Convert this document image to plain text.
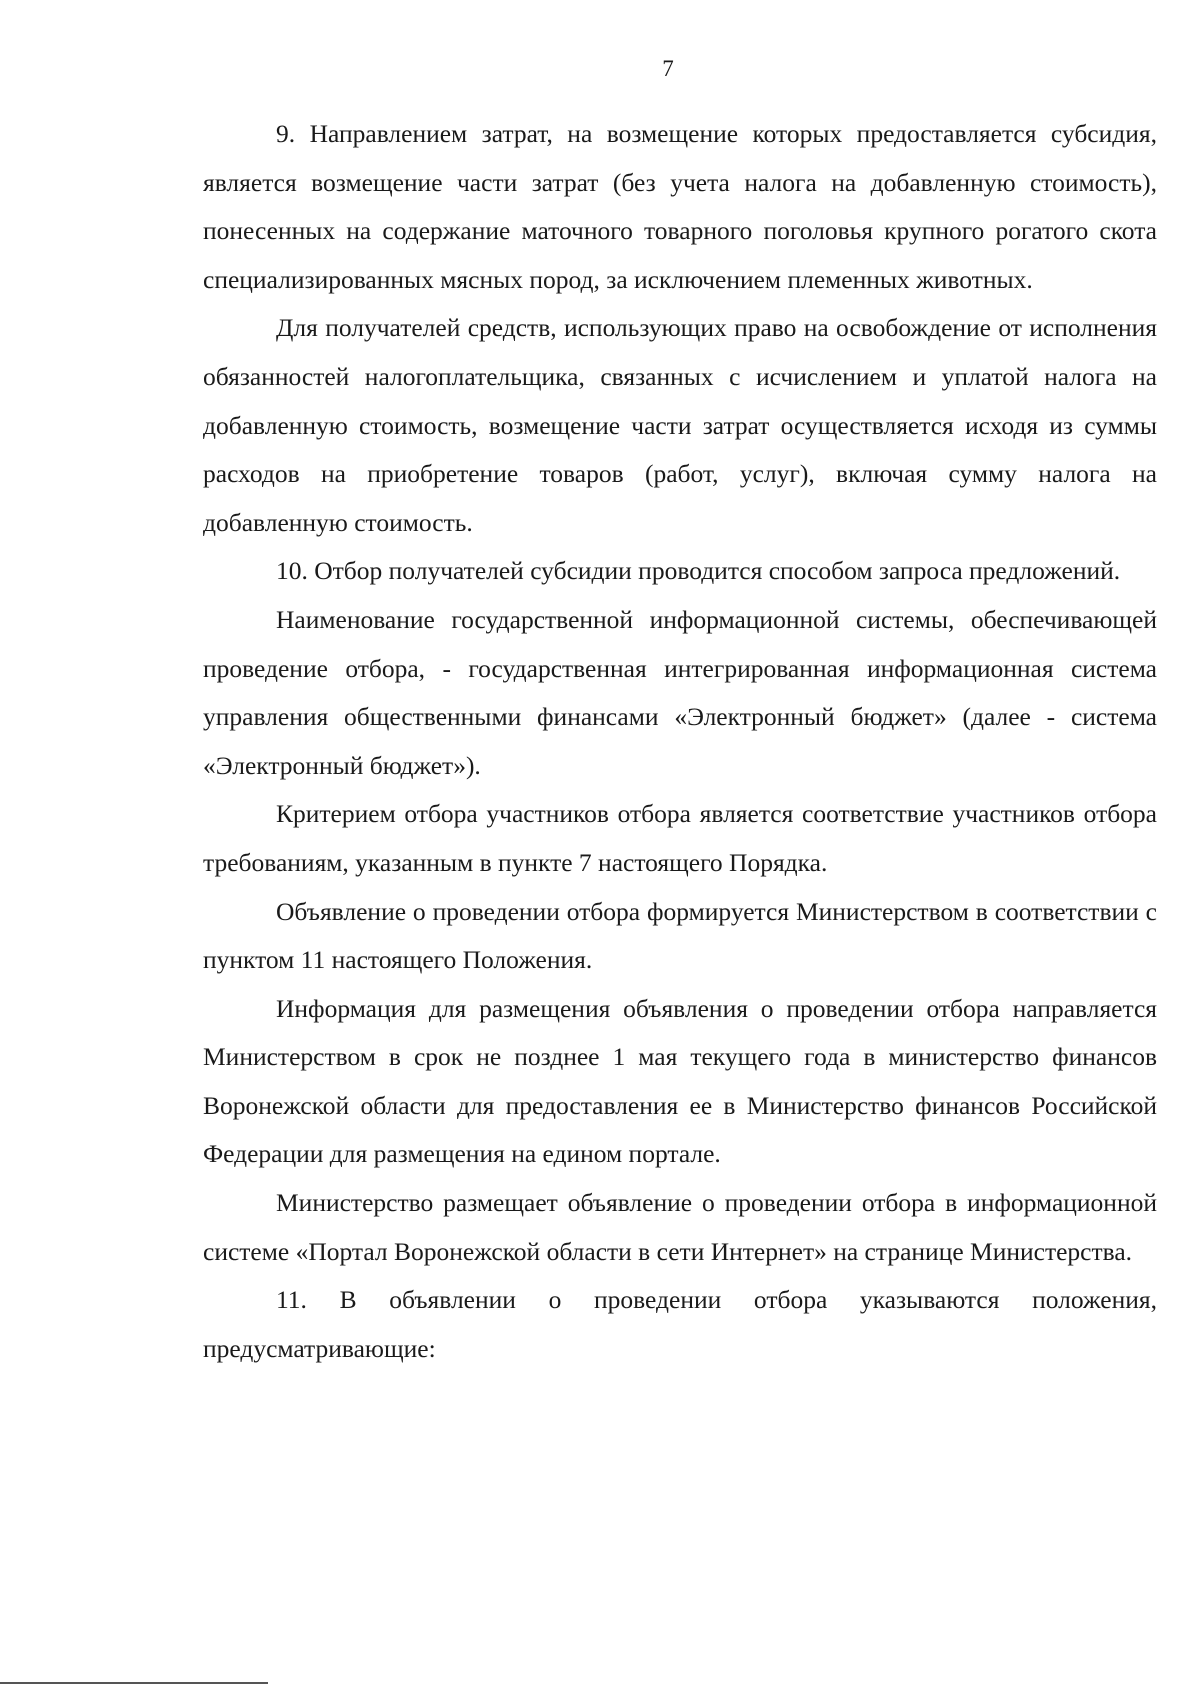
7

9. Направлением затрат, на возмещение которых предоставляется субсидия, является возмещение части затрат (без учета налога на добавленную стоимость), понесенных на содержание маточного товарного поголовья крупного рогатого скота специализированных мясных пород, за исключением племенных животных.

Для получателей средств, использующих право на освобождение от исполнения обязанностей налогоплательщика, связанных с исчислением и уплатой налога на добавленную стоимость, возмещение части затрат осуществляется исходя из суммы расходов на приобретение товаров (работ, услуг), включая сумму налога на добавленную стоимость.

10. Отбор получателей субсидии проводится способом запроса предложений.

Наименование государственной информационной системы, обеспечивающей проведение отбора, - государственная интегрированная информационная система управления общественными финансами «Электронный бюджет» (далее - система «Электронный бюджет»).

Критерием отбора участников отбора является соответствие участников отбора требованиям, указанным в пункте 7 настоящего Порядка.

Объявление о проведении отбора формируется Министерством в соответствии с пунктом 11 настоящего Положения.

Информация для размещения объявления о проведении отбора направляется Министерством в срок не позднее 1 мая текущего года в министерство финансов Воронежской области для предоставления ее в Министерство финансов Российской Федерации для размещения на едином портале.

Министерство размещает объявление о проведении отбора в информационной системе «Портал Воронежской области в сети Интернет» на странице Министерства.

11. В объявлении о проведении отбора указываются положения, предусматривающие:
